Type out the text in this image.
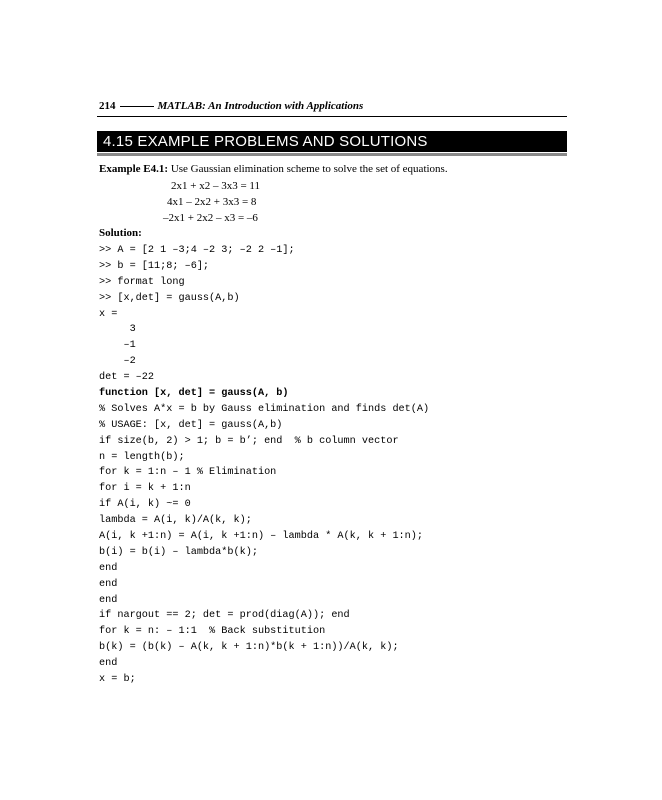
214	MATLAB: An Introduction with Applications
4.15 EXAMPLE PROBLEMS AND SOLUTIONS
Example E4.1: Use Gaussian elimination scheme to solve the set of equations.
2x1 + x2 – 3x3 = 11
4x1 – 2x2 + 3x3 = 8
–2x1 + 2x2 – x3 = –6
Solution:
>> A = [2 1 –3;4 –2 3; –2 2 –1];
>> b = [11;8; –6];
>> format long
>> [x,det] = gauss(A,b)
x =
3
–1
–2
det = –22
function [x, det] = gauss(A, b)
% Solves A*x = b by Gauss elimination and finds det(A)
% USAGE: [x, det] = gauss(A,b)
if size(b, 2) > 1; b = b’; end  % b column vector
n = length(b);
for k = 1:n – 1 % Elimination
for i = k + 1:n
if A(i, k) ~= 0
lambda = A(i, k)/A(k, k);
A(i, k +1:n) = A(i, k +1:n) – lambda * A(k, k + 1:n);
b(i) = b(i) – lambda*b(k);
end
end
end
if nargout == 2; det = prod(diag(A)); end
for k = n: – 1:1  % Back substitution
b(k) = (b(k) – A(k, k + 1:n)*b(k + 1:n))/A(k, k);
end
x = b;
